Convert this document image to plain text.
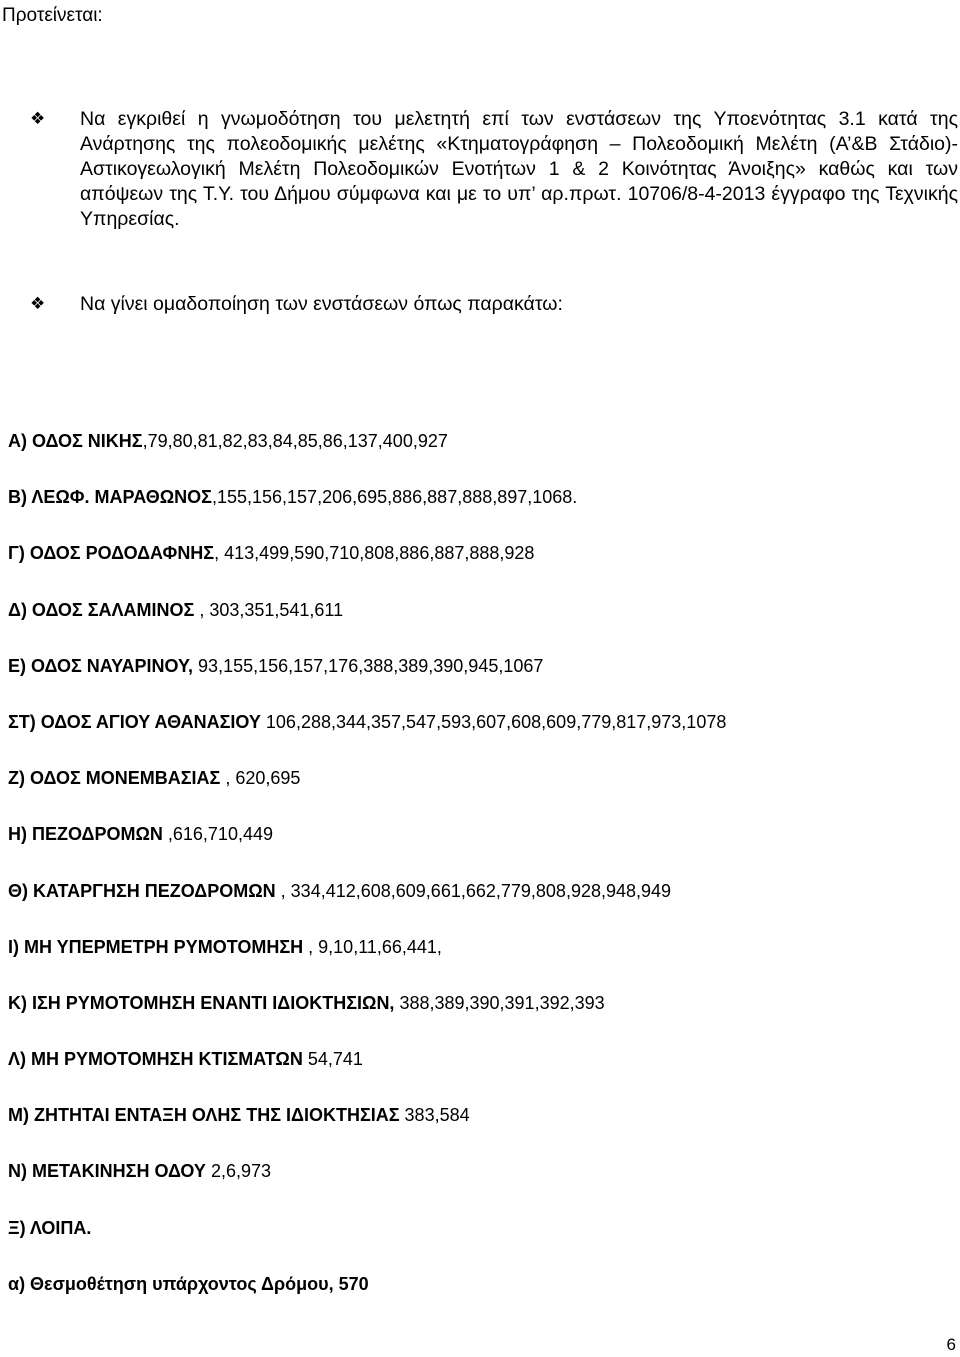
Προτείνεται:
❖	Να εγκριθεί η γνωμοδότηση του μελετητή επί των ενστάσεων της Υποενότητας 3.1 κατά της Ανάρτησης της πολεοδομικής μελέτης «Κτηματογράφηση – Πολεοδομική Μελέτη (Α’&Β Στάδιο)-Αστικογεωλογική Μελέτη Πολεοδομικών Ενοτήτων 1 & 2 Κοινότητας Άνοιξης» καθώς και των απόψεων της Τ.Υ. του Δήμου σύμφωνα και με το υπ’ αρ.πρωτ. 10706/8-4-2013 έγγραφο της Τεχνικής Υπηρεσίας.
❖	Να γίνει ομαδοποίηση των ενστάσεων όπως παρακάτω:
Α) ΟΔΟΣ ΝΙΚΗΣ,79,80,81,82,83,84,85,86,137,400,927
Β) ΛΕΩΦ. ΜΑΡΑΘΩΝΟΣ,155,156,157,206,695,886,887,888,897,1068.
Γ) ΟΔΟΣ ΡΟΔΟΔΑΦΝΗΣ, 413,499,590,710,808,886,887,888,928
Δ) ΟΔΟΣ ΣΑΛΑΜΙΝΟΣ , 303,351,541,611
Ε) ΟΔΟΣ ΝΑΥΑΡΙΝΟΥ, 93,155,156,157,176,388,389,390,945,1067
ΣΤ) ΟΔΟΣ ΑΓΙΟΥ ΑΘΑΝΑΣΙΟΥ 106,288,344,357,547,593,607,608,609,779,817,973,1078
Ζ) ΟΔΟΣ ΜΟΝΕΜΒΑΣΙΑΣ , 620,695
Η) ΠΕΖΟΔΡΟΜΩΝ ,616,710,449
Θ) ΚΑΤΑΡΓΗΣΗ ΠΕΖΟΔΡΟΜΩΝ , 334,412,608,609,661,662,779,808,928,948,949
Ι) ΜΗ ΥΠΕΡΜΕΤΡΗ ΡΥΜΟΤΟΜΗΣΗ , 9,10,11,66,441,
Κ) ΙΣΗ ΡΥΜΟΤΟΜΗΣΗ ΕΝΑΝΤΙ ΙΔΙΟΚΤΗΣΙΩΝ, 388,389,390,391,392,393
Λ) ΜΗ ΡΥΜΟΤΟΜΗΣΗ ΚΤΙΣΜΑΤΩΝ 54,741
Μ) ΖΗΤΗΤΑΙ ΕΝΤΑΞΗ ΟΛΗΣ ΤΗΣ ΙΔΙΟΚΤΗΣΙΑΣ 383,584
Ν) ΜΕΤΑΚΙΝΗΣΗ ΟΔΟΥ 2,6,973
Ξ) ΛΟΙΠΑ.
α) Θεσμοθέτηση υπάρχοντος Δρόμου, 570
6
